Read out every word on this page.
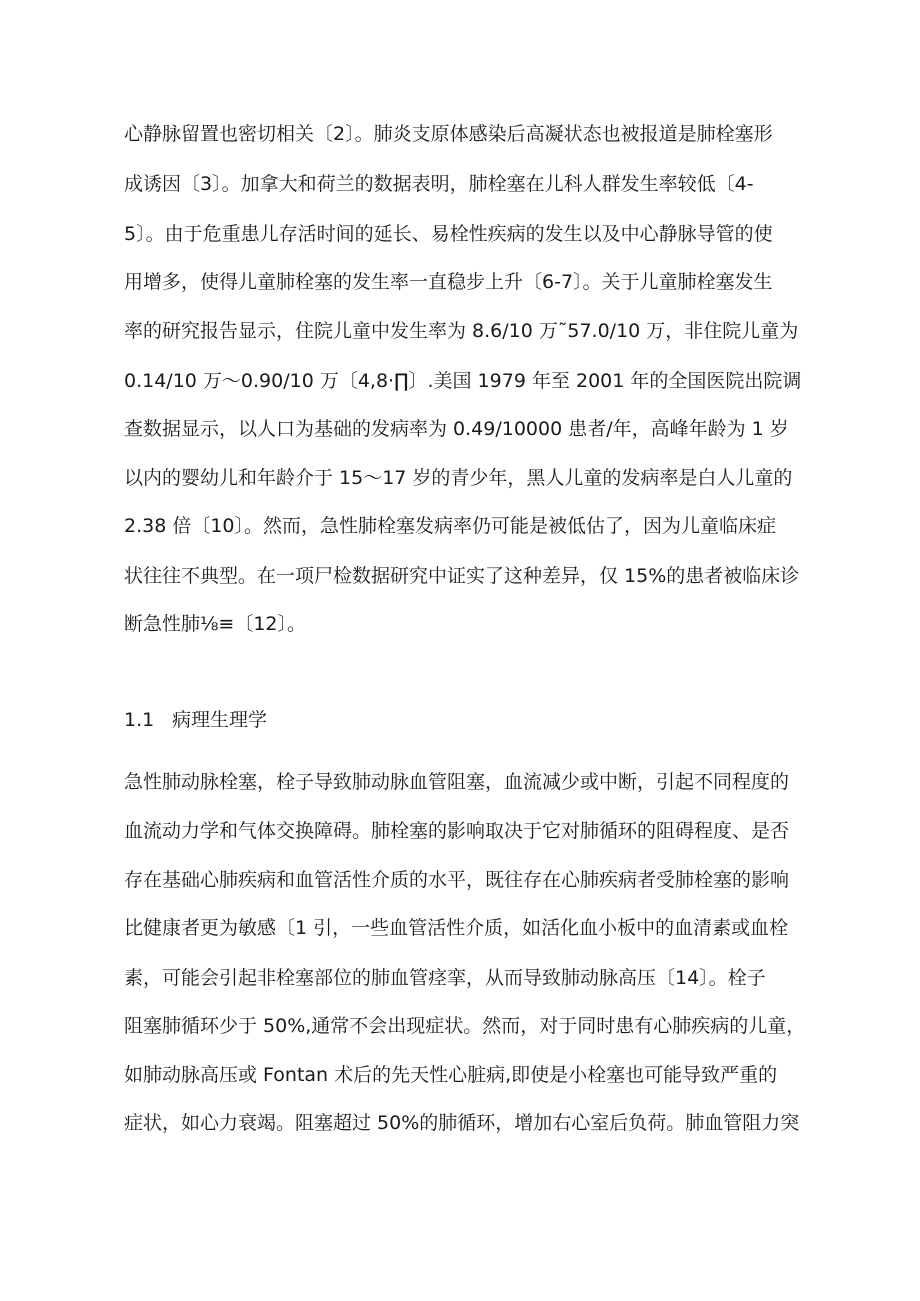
心静脉留置也密切相关〔2〕。肺炎支原体感染后高凝状态也被报道是肺栓塞形
成诱因〔3〕。加拿大和荷兰的数据表明，肺栓塞在儿科人群发生率较低〔4-
5〕。由于危重患儿存活时间的延长、易栓性疾病的发生以及中心静脉导管的使
用增多，使得儿童肺栓塞的发生率一直稳步上升〔6-7〕。关于儿童肺栓塞发生
率的研究报告显示，住院儿童中发生率为 8.6/10 万˜57.0/10 万，非住院儿童为
0.14/10 万～0.90/10 万〔4,8·∏〕.美国 1979 年至 2001 年的全国医院出院调
查数据显示，以人口为基础的发病率为 0.49/10000 患者/年，高峰年龄为 1 岁
以内的婴幼儿和年龄介于 15～17 岁的青少年，黑人儿童的发病率是白人儿童的
2.38 倍〔10〕。然而，急性肺栓塞发病率仍可能是被低估了，因为儿童临床症
状往往不典型。在一项尸检数据研究中证实了这种差异，仅 15%的患者被临床诊
断急性肺⅛≡〔12〕。
1.1 病理生理学
急性肺动脉栓塞，栓子导致肺动脉血管阻塞，血流减少或中断，引起不同程度的
血流动力学和气体交换障碍。肺栓塞的影响取决于它对肺循环的阻碍程度、是否
存在基础心肺疾病和血管活性介质的水平，既往存在心肺疾病者受肺栓塞的影响
比健康者更为敏感〔1 引，一些血管活性介质，如活化血小板中的血清素或血栓
素，可能会引起非栓塞部位的肺血管痉挛，从而导致肺动脉高压〔14〕。栓子
阻塞肺循环少于 50%,通常不会出现症状。然而，对于同时患有心肺疾病的儿童，
如肺动脉高压或 Fontan 术后的先天性心脏病,即使是小栓塞也可能导致严重的
症状，如心力衰竭。阻塞超过 50%的肺循环，增加右心室后负荷。肺血管阻力突
